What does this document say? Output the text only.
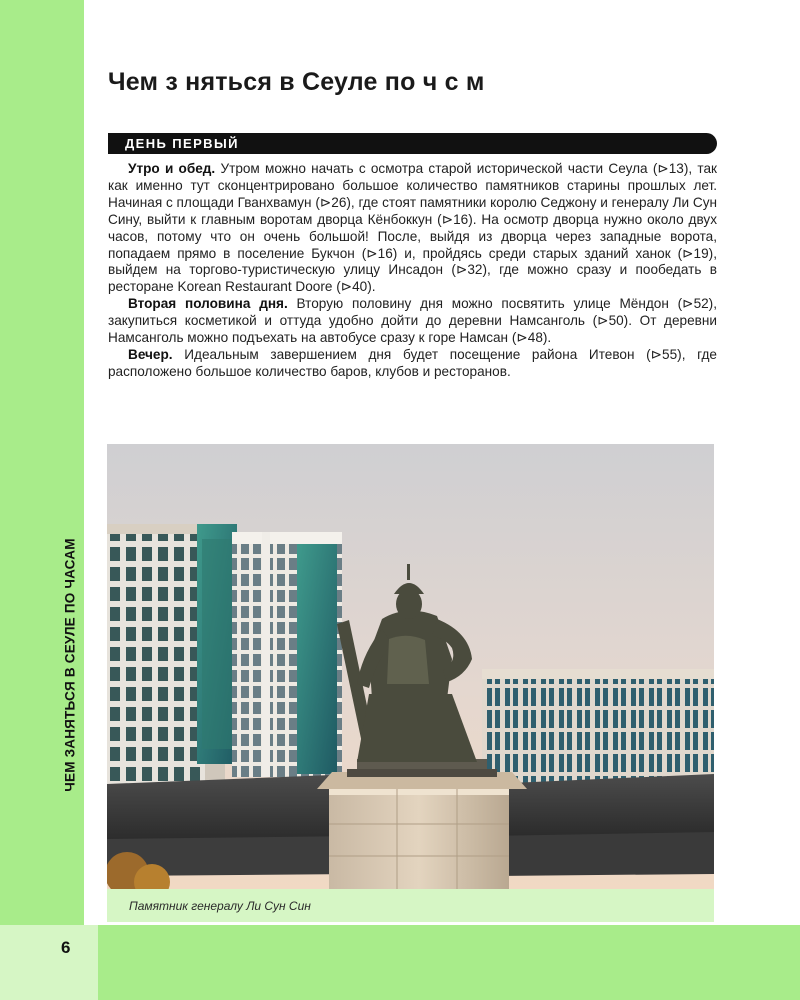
6
ЧЕМ ЗАНЯТЬСЯ В СЕУЛЕ ПО ЧАСАМ
Чем з няться в Сеуле по ч с м
ДЕНЬ ПЕРВЫЙ

Утро и обед. Утром можно начать с осмотра старой исторической части Сеула (⊳13), так как именно тут сконцентрировано большое количество памятников старины прошлых лет. Начиная с площади Гванхвамун (⊳26), где стоят памятники королю Седжону и генералу Ли Сун Сину, выйти к главным воротам дворца Кёнбоккун (⊳16). На осмотр дворца нужно около двух часов, потому что он очень большой! После, выйдя из дворца через западные ворота, попадаем прямо в поселение Букчон (⊳16) и, пройдясь среди старых зданий ханок (⊳19), выйдем на торгово-туристическую улицу Инсадон (⊳32), где можно сразу и пообедать в ресторане Korean Restaurant Doore (⊳40).

Вторая половина дня. Вторую половину дня можно посвятить улице Мёндон (⊳52), закупиться косметикой и оттуда удобно дойти до деревни Намсанголь (⊳50). От деревни Намсанголь можно подъехать на автобусе сразу к горе Намсан (⊳48).

Вечер. Идеальным завершением дня будет посещение района Итевон (⊳55), где расположено большое количество баров, клубов и ресторанов.

Памятник генералу Ли Сун Син
